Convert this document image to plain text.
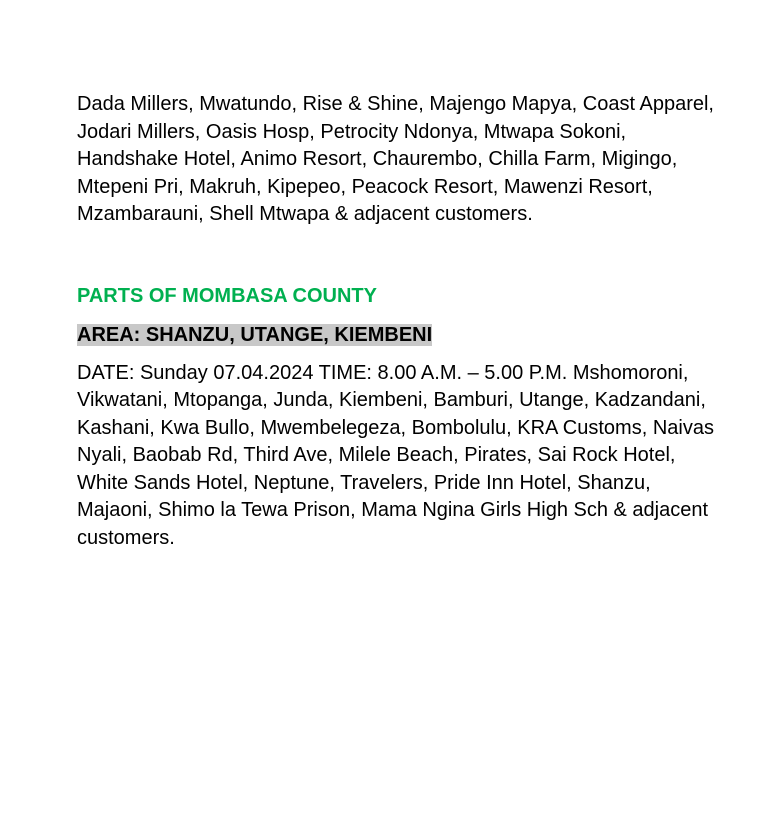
Dada Millers, Mwatundo, Rise & Shine, Majengo Mapya, Coast Apparel, Jodari Millers, Oasis Hosp, Petrocity Ndonya, Mtwapa Sokoni, Handshake Hotel, Animo Resort, Chaurembo, Chilla Farm, Migingo, Mtepeni Pri, Makruh, Kipepeo, Peacock Resort, Mawenzi Resort, Mzambarauni, Shell Mtwapa & adjacent customers.

PARTS OF MOMBASA COUNTY
AREA: SHANZU, UTANGE, KIEMBENI

DATE: Sunday 07.04.2024 TIME: 8.00 A.M. – 5.00 P.M. Mshomoroni, Vikwatani, Mtopanga, Junda, Kiembeni, Bamburi, Utange, Kadzandani, Kashani, Kwa Bullo, Mwembelegeza, Bombolulu, KRA Customs, Naivas Nyali, Baobab Rd, Third Ave, Milele Beach, Pirates, Sai Rock Hotel, White Sands Hotel, Neptune, Travelers, Pride Inn Hotel, Shanzu, Majaoni, Shimo la Tewa Prison, Mama Ngina Girls High Sch & adjacent customers.
